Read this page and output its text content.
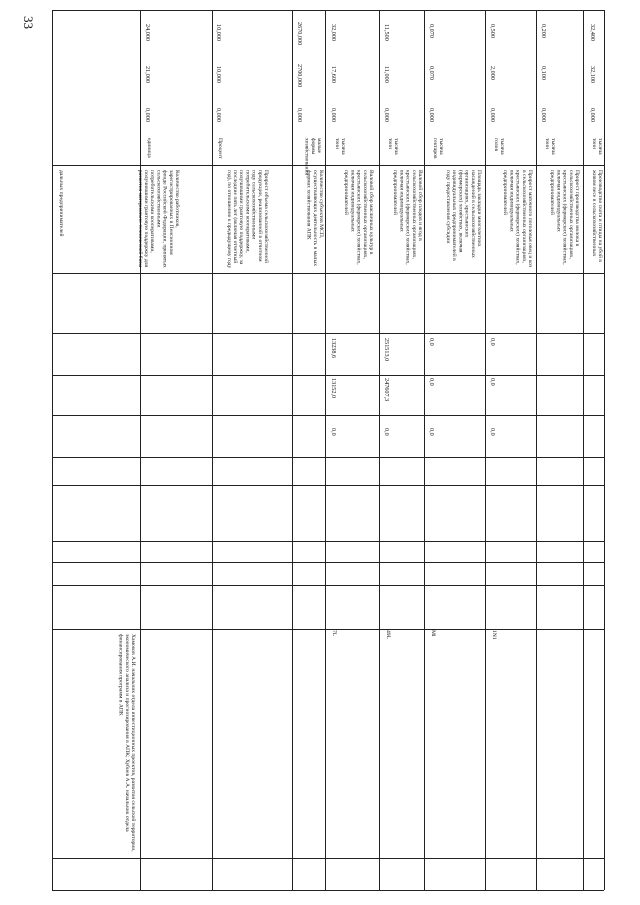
33
дальных предпринимателей	Количество работников, зарегистрированных в Пенсионном фонде Российской Федерации, принятых сельскохозяйственными потребительскими кооперативами, получившими грантовую поддержку для развития материально-технической базы
единица
0,000
21,000
24,000
Прирост объема сельскохозяйственной продукции, реализованной в отчетном году сельскохозяйственными потребительскими кооперативами, получившими грантовую поддержку, за последние пять лет (включая отчетный год), по отношению к предыдущему году
Процент
0,000
10,000
10,000
Количество субъектов МСП, осуществляющих деятельность в малых формах хозяйствования АПК
малые формы хозяйствования
0,000
2700,000
2670,000
7L
Валовой сбор масличных культур в сельскохозяйственных организациях, крестьянских (фермерских) хозяйствах, включая индивидуальных предпринимателей
тысяча тонн
0,000
17,600
32,000
0,0
13152,0
13238,6
49L
Валовой сбор плодов и ягод в сельскохозяйственных организациях, крестьянских (фермерских) хозяйствах, включая индивидуальных предпринимателей
тысяча тонн
0,000
11,000
11,500
0,0
247607,3
251513,0
Ml
Площадь закладки многолетних насаждений в сельскохозяйственных организациях, крестьянских (фермерских) хозяйствах, включая индивидуальных предпринимателей в году предоставления субсидии
тысяча гектаров
0,000
0,070
0,070
0,0
0,0
0,0
1N1
Прирост маточного поголовья овец и коз в сельскохозяйственных организациях, крестьянских (фермерских) хозяйствах, включая индивидуальных предпринимателей
тысяча голов
0,000
2,000
0,500
0,0
0,0
0,0
Прирост производства молока в сельскохозяйственных организациях, крестьянских (фермерских) хозяйствах, включая индивидуальных предпринимателей
тысяча тонн
0,000
0,100
0,200
Производство скота и птицы на убой в живом весе в сельскохозяйственных
тысяча тонн
0,000
32,100
32,400
Хамоков А.И. начальник отдела инвестиционных проектов, развития сельской территории, экономического анализа и прогнозирования в АПК; Хубиев А.А. начальник отдела финансирования программ в АПК
